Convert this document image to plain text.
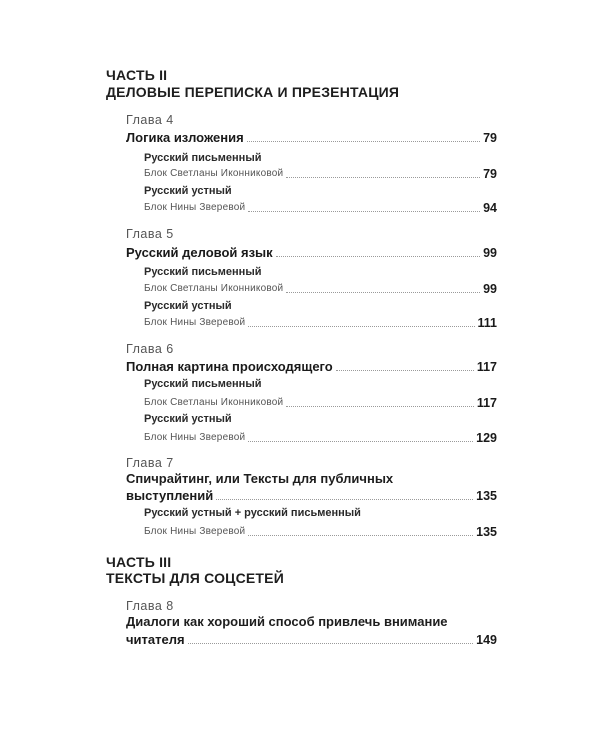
ЧАСТЬ II
ДЕЛОВЫЕ ПЕРЕПИСКА И ПРЕЗЕНТАЦИЯ
Глава 4
Логика изложения	79
Русский письменный
Блок Светланы Иконниковой	79
Русский устный
Блок Нины Зверевой	94
Глава 5
Русский деловой язык	99
Русский письменный
Блок Светланы Иконниковой	99
Русский устный
Блок Нины Зверевой	111
Глава 6
Полная картина происходящего	117
Русский письменный
Блок Светланы Иконниковой	117
Русский устный
Блок Нины Зверевой	129
Глава 7
Спичрайтинг, или Тексты для публичных
выступлений	135
Русский устный + русский письменный
Блок Нины Зверевой	135
ЧАСТЬ III
ТЕКСТЫ ДЛЯ СОЦСЕТЕЙ
Глава 8
Диалоги как хороший способ привлечь внимание
читателя	149
